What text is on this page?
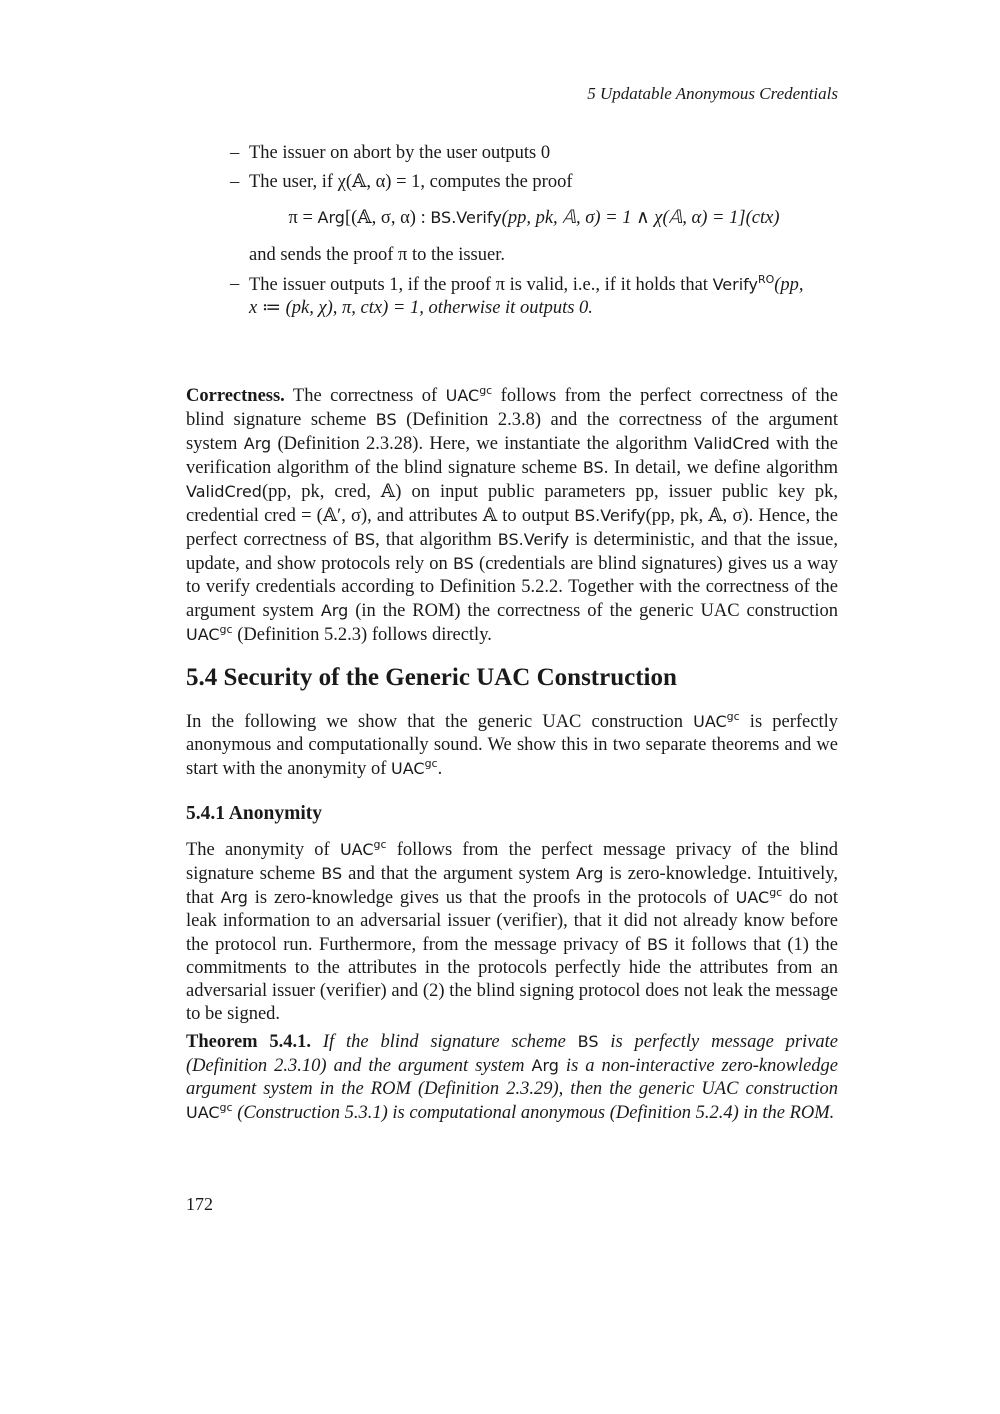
5 Updatable Anonymous Credentials
– The issuer on abort by the user outputs 0
– The user, if χ(𝔸, α) = 1, computes the proof
π = Arg[(𝔸, σ, α) : BS.Verify(pp, pk, 𝔸, σ) = 1 ∧ χ(𝔸, α) = 1](ctx)
and sends the proof π to the issuer.
– The issuer outputs 1, if the proof π is valid, i.e., if it holds that Verify$^{RO}$(pp,
x ≔ (pk, χ), π, ctx) = 1, otherwise it outputs 0.
Correctness. The correctness of $UAC^{gc}$ follows from the perfect correctness of the blind signature scheme BS (Definition 2.3.8) and the correctness of the argument system Arg (Definition 2.3.28). Here, we instantiate the algorithm ValidCred with the verification algorithm of the blind signature scheme BS. In detail, we define algorithm ValidCred(pp, pk, cred, 𝔸) on input public parameters pp, issuer public key pk, credential cred = (𝔸′, σ), and attributes 𝔸 to output BS.Verify(pp, pk, 𝔸, σ). Hence, the perfect correctness of BS, that algorithm BS.Verify is deterministic, and that the issue, update, and show protocols rely on BS (credentials are blind signatures) gives us a way to verify credentials according to Definition 5.2.2. Together with the correctness of the argument system Arg (in the ROM) the correctness of the generic UAC construction $UAC^{gc}$ (Definition 5.2.3) follows directly.
5.4 Security of the Generic UAC Construction
In the following we show that the generic UAC construction $UAC^{gc}$ is perfectly anonymous and computationally sound. We show this in two separate theorems and we start with the anonymity of $UAC^{gc}$.
5.4.1 Anonymity
The anonymity of $UAC^{gc}$ follows from the perfect message privacy of the blind signature scheme BS and that the argument system Arg is zero-knowledge. Intuitively, that Arg is zero-knowledge gives us that the proofs in the protocols of $UAC^{gc}$ do not leak information to an adversarial issuer (verifier), that it did not already know before the protocol run. Furthermore, from the message privacy of BS it follows that (1) the commitments to the attributes in the protocols perfectly hide the attributes from an adversarial issuer (verifier) and (2) the blind signing protocol does not leak the message to be signed.
Theorem 5.4.1. If the blind signature scheme BS is perfectly message private (Definition 2.3.10) and the argument system Arg is a non-interactive zero-knowledge argument system in the ROM (Definition 2.3.29), then the generic UAC construction $UAC^{gc}$ (Construction 5.3.1) is computational anonymous (Definition 5.2.4) in the ROM.
172
